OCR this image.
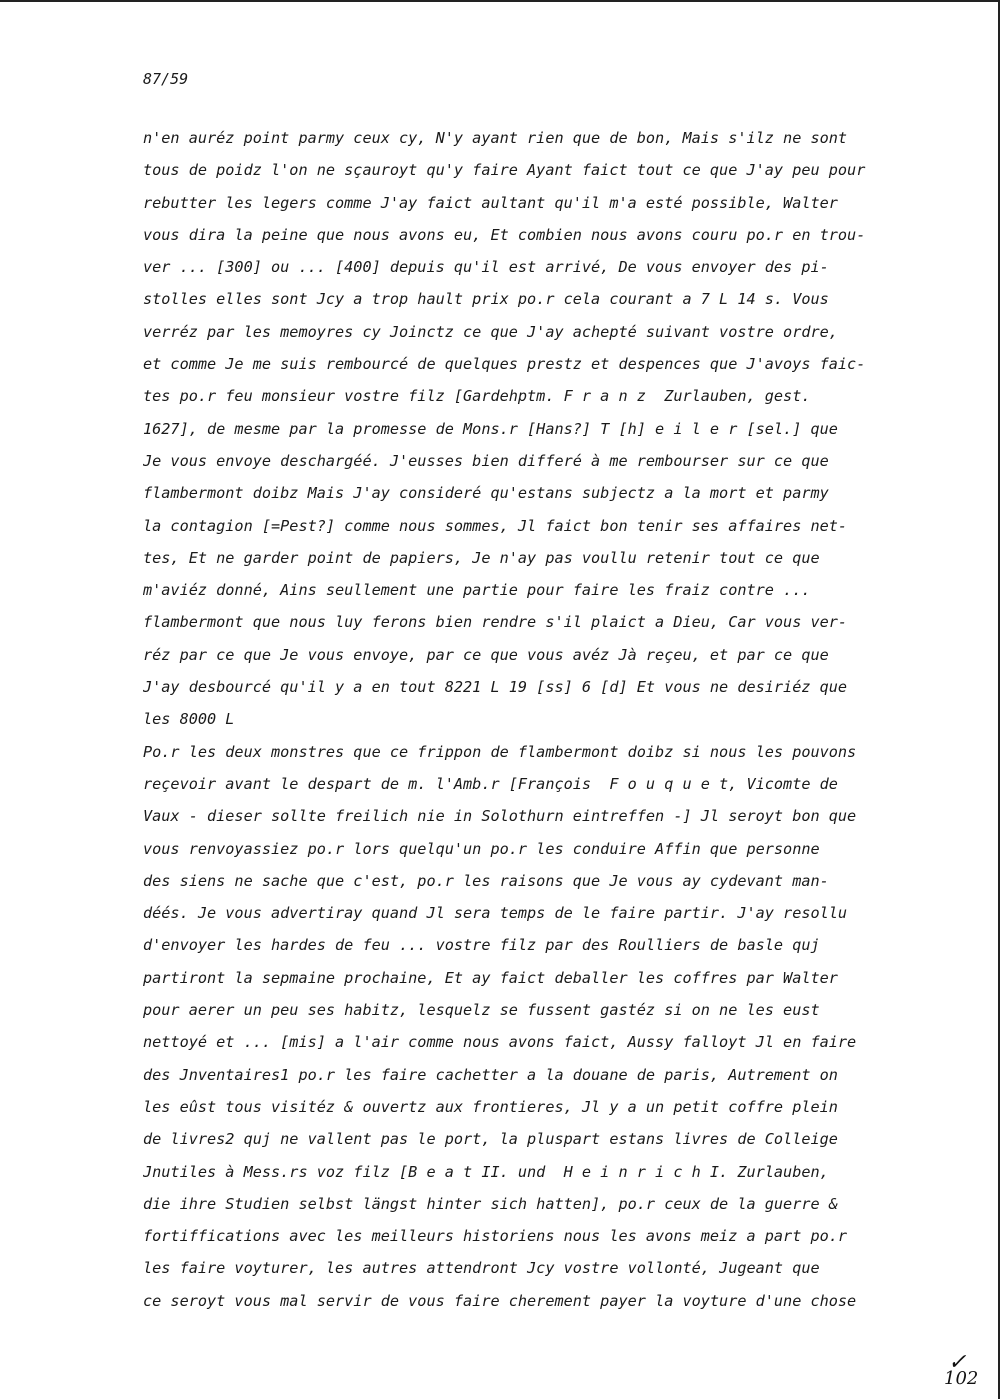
87/59
n'en auréz point parmy ceux cy, N'y ayant rien que de bon, Mais s'ilz ne sont
tous de poidz l'on ne sçauroyt qu'y faire Ayant faict tout ce que J'ay peu pour
rebutter les legers comme J'ay faict aultant qu'il m'a esté possible, Walter
vous dira la peine que nous avons eu, Et combien nous avons couru po.r en trou-
ver ... [300] ou ... [400] depuis qu'il est arrivé, De vous envoyer des pi-
stolles elles sont Jcy a trop hault prix po.r cela courant a 7 L 14 s. Vous
verréz par les memoyres cy Joinctz ce que J'ay achepté suivant vostre ordre,
et comme Je me suis rembourcé de quelques prestz et despences que J'avoys faic-
tes po.r feu monsieur vostre filz [Gardehptm. F r a n z  Zurlauben, gest.
1627], de mesme par la promesse de Mons.r [Hans?] T [h] e i l e r [sel.] que
Je vous envoye deschargéé. J'eusses bien differé à me rembourser sur ce que
flambermont doibz Mais J'ay consideré qu'estans subjectz a la mort et parmy
la contagion [=Pest?] comme nous sommes, Jl faict bon tenir ses affaires net-
tes, Et ne garder point de papiers, Je n'ay pas voullu retenir tout ce que
m'aviéz donné, Ains seullement une partie pour faire les fraiz contre ...
flambermont que nous luy ferons bien rendre s'il plaict a Dieu, Car vous ver-
réz par ce que Je vous envoye, par ce que vous avéz Jà reçeu, et par ce que
J'ay desbourcé qu'il y a en tout 8221 L 19 [ss] 6 [d] Et vous ne desiriéz que
les 8000 L
Po.r les deux monstres que ce frippon de flambermont doibz si nous les pouvons
reçevoir avant le despart de m. l'Amb.r [François  F o u q u e t, Vicomte de
Vaux - dieser sollte freilich nie in Solothurn eintreffen -] Jl seroyt bon que
vous renvoyassiez po.r lors quelqu'un po.r les conduire Affin que personne
des siens ne sache que c'est, po.r les raisons que Je vous ay cydevant man-
déés. Je vous advertiray quand Jl sera temps de le faire partir. J'ay resollu
d'envoyer les hardes de feu ... vostre filz par des Roulliers de basle quj
partiront la sepmaine prochaine, Et ay faict deballer les coffres par Walter
pour aerer un peu ses habitz, lesquelz se fussent gastéz si on ne les eust
nettoyé et ... [mis] a l'air comme nous avons faict, Aussy falloyt Jl en faire
des Jnventaires1 po.r les faire cachetter a la douane de paris, Autrement on
les eûst tous visitéz & ouvertz aux frontieres, Jl y a un petit coffre plein
de livres2 quj ne vallent pas le port, la pluspart estans livres de Colleige
Jnutiles à Mess.rs voz filz [B e a t II. und  H e i n r i c h I. Zurlauben,
die ihre Studien selbst längst hinter sich hatten], po.r ceux de la guerre &
fortiffications avec les meilleurs historiens nous les avons meiz a part po.r
les faire voyturer, les autres attendront Jcy vostre vollonté, Jugeant que
ce seroyt vous mal servir de vous faire cherement payer la voyture d'une chose
✓
102
